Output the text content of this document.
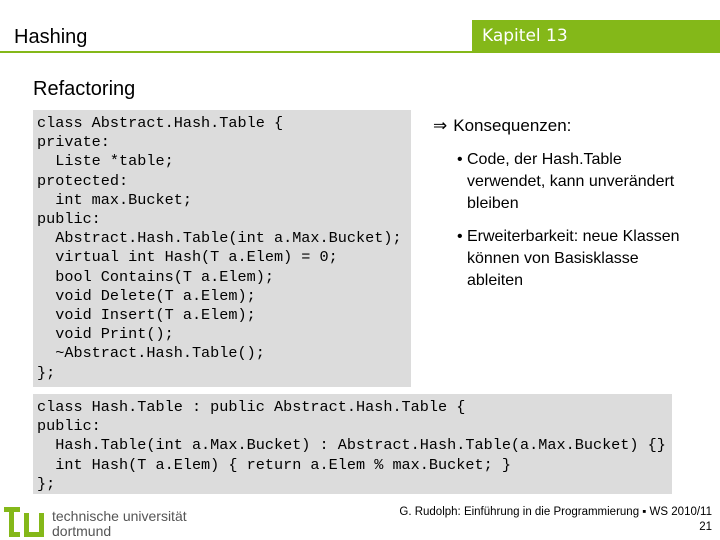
Hashing	Kapitel 13
Refactoring
class Abstract.Hash.Table {
private:
Liste *table;
protected:
int max.Bucket;
public:
Abstract.Hash.Table(int a.Max.Bucket);
virtual int Hash(T a.Elem) = 0;
bool Contains(T a.Elem);
void Delete(T a.Elem);
void Insert(T a.Elem);
void Print();
~Abstract.Hash.Table();
};
⇒ Konsequenzen:
• Code, der Hash.Table verwendet, kann unverändert bleiben
• Erweiterbarkeit: neue Klassen können von Basisklasse ableiten
class Hash.Table : public Abstract.Hash.Table {
public:
Hash.Table(int a.Max.Bucket) : Abstract.Hash.Table(a.Max.Bucket) {}
int Hash(T a.Elem) { return a.Elem % max.Bucket; }
};
technische universität
dortmund
G. Rudolph: Einführung in die Programmierung ▪ WS 2010/11
21
